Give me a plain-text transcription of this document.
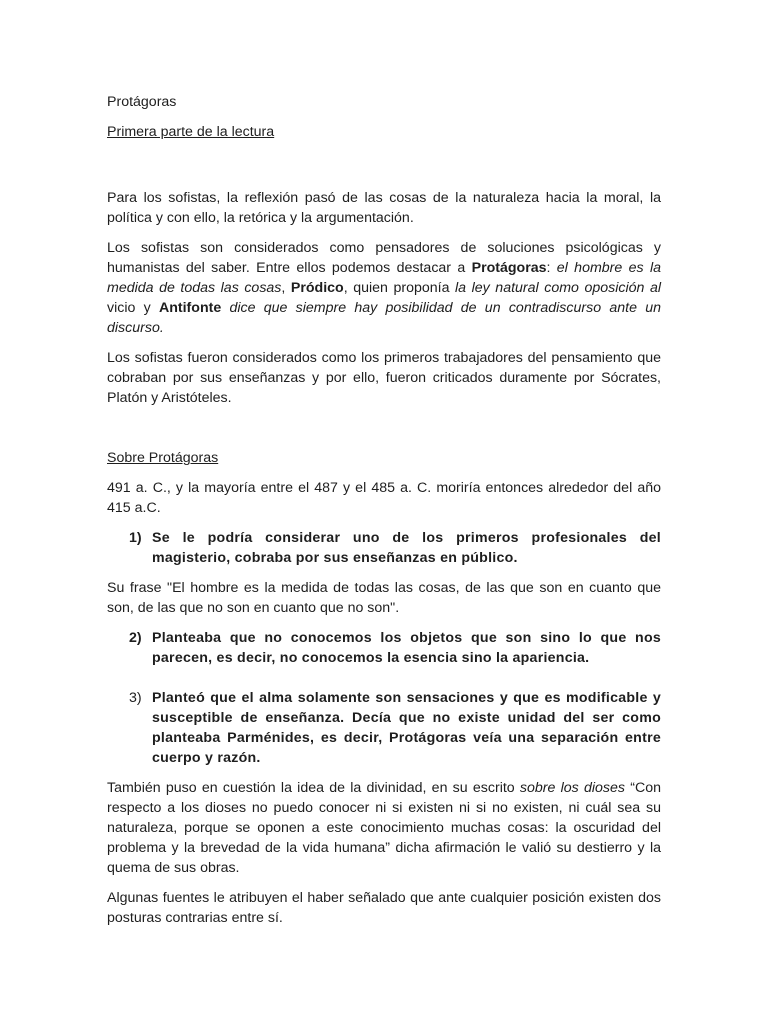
Protágoras
Primera parte de la lectura

Para los sofistas, la reflexión pasó de las cosas de la naturaleza hacia la moral, la política y con ello, la retórica y la argumentación.

Los sofistas son considerados como pensadores de soluciones psicológicas y humanistas del saber. Entre ellos podemos destacar a Protágoras: el hombre es la medida de todas las cosas, Pródico, quien proponía la ley natural como oposición al vicio y Antifonte dice que siempre hay posibilidad de un contradiscurso ante un discurso.

Los sofistas fueron considerados como los primeros trabajadores del pensamiento que cobraban por sus enseñanzas y por ello, fueron criticados duramente por Sócrates, Platón y Aristóteles.

Sobre Protágoras

491 a. C., y la mayoría entre el 487 y el 485 a. C. moriría entonces alrededor del año 415 a.C.

1) Se le podría considerar uno de los primeros profesionales del magisterio, cobraba por sus enseñanzas en público.

Su frase "El hombre es la medida de todas las cosas, de las que son en cuanto que son, de las que no son en cuanto que no son".

2) Planteaba que no conocemos los objetos que son sino lo que nos parecen, es decir, no conocemos la esencia sino la apariencia.
3) Planteó que el alma solamente son sensaciones y que es modificable y susceptible de enseñanza. Decía que no existe unidad del ser como planteaba Parménides, es decir, Protágoras veía una separación entre cuerpo y razón.

También puso en cuestión la idea de la divinidad, en su escrito sobre los dioses “Con respecto a los dioses no puedo conocer ni si existen ni si no existen, ni cuál sea su naturaleza, porque se oponen a este conocimiento muchas cosas: la oscuridad del problema y la brevedad de la vida humana” dicha afirmación le valió su destierro y la quema de sus obras.

Algunas fuentes le atribuyen el haber señalado que ante cualquier posición existen dos posturas contrarias entre sí.
